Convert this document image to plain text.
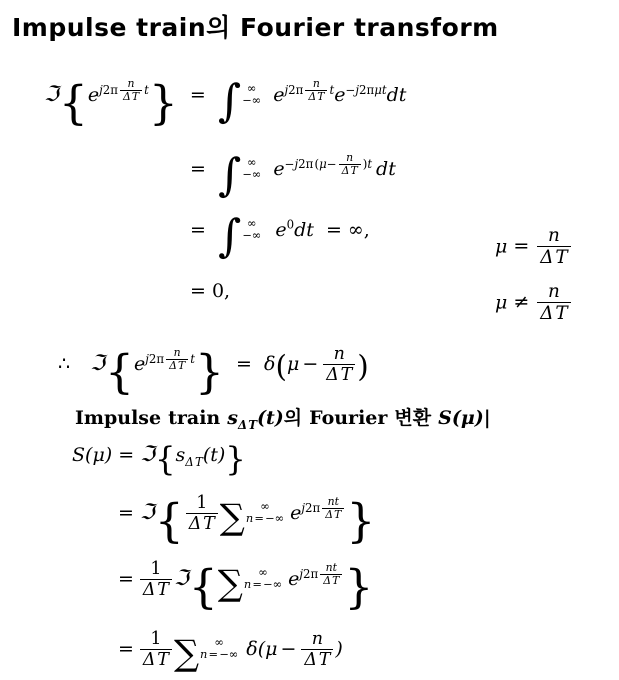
Impulse train의 Fourier transform
$ℑ\{e^{j2\pi \frac{n}{\text{Δ T}} t}\}$ = ∫ ∞
−∞ $e^{j2\pi \frac{n}{\text{Δ T}} t}e^{-j2\pi\mu t}dt$
= ∫ ∞
−∞ $e^{-j2\pi (\mu- \frac{n}{\text{Δ T}} )t}$ dt
= ∫ ∞
−∞ $e^0dt$ = ∞,
$\mu = \frac{n}{\text{Δ T}}$
= 0,
$\mu \ne \frac{n}{\text{Δ T}}$
∴ $ℑ\{e^{j2\pi \frac{n}{\text{Δ T}} t}\} = \delta(\mu - \frac{n}{\text{Δ T}}$ )
Impulse train $s_{\Delta T}(t)$의 Fourier 변환 S(μ)|
$S(\mu) = ℑ\{s_{\Delta T}(t)\}$
= ℑ{ $\frac{1}{\text{Δ T}}$ ∑	∞
n = −∞ $e^{j2\pi \frac{nt}{\text{Δ T}}}$ }
= $\frac{1}{\text{Δ T}}$ ℑ{∑	∞
n = −∞ $e^{j2\pi \frac{nt}{\text{Δ T}}}$ }
= $\frac{1}{\text{Δ T}}$ ∑	∞
n = −∞ $\delta(\mu - \frac{n}{\text{Δ T}}$ )
